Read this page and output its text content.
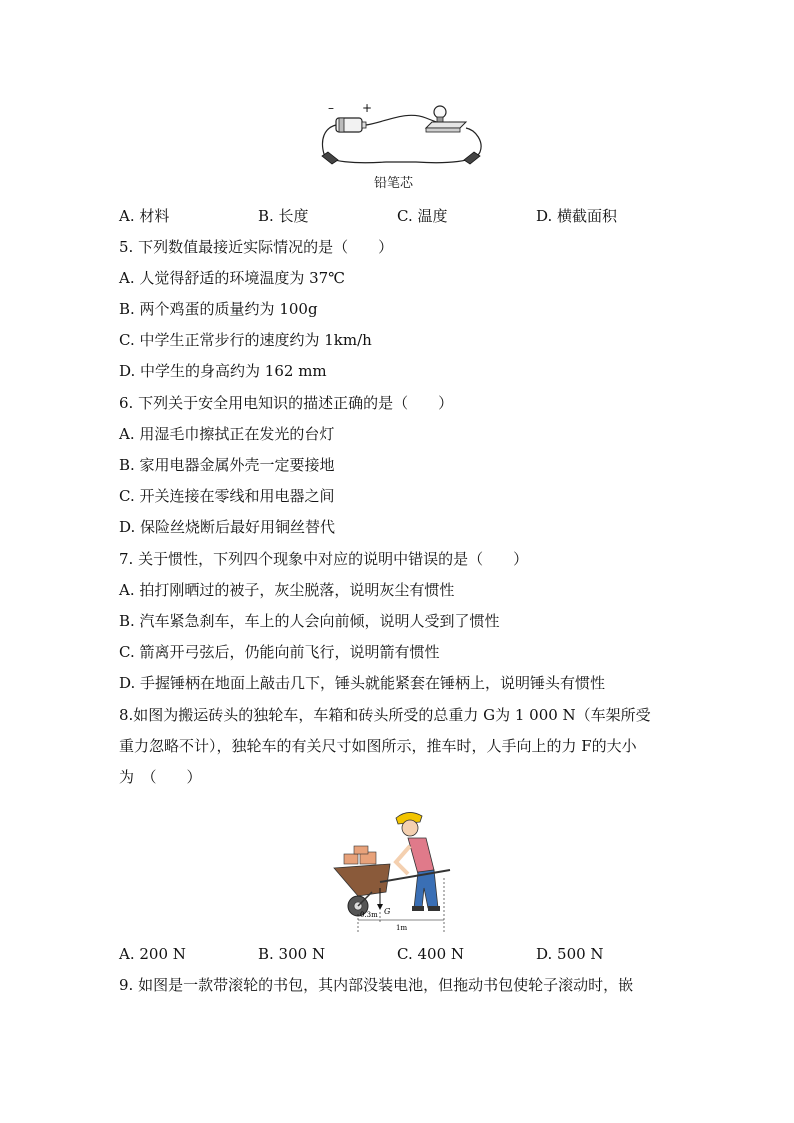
– +
铅笔芯
A. 材料	B. 长度	C. 温度	D. 横截面积
5. 下列数值最接近实际情况的是（　　）
A. 人觉得舒适的环境温度为 37℃
B. 两个鸡蛋的质量约为 100g
C. 中学生正常步行的速度约为 1km/h
D. 中学生的身高约为 162 mm
6. 下列关于安全用电知识的描述正确的是（　　）
A. 用湿毛巾擦拭正在发光的台灯
B. 家用电器金属外壳一定要接地
C. 开关连接在零线和用电器之间
D. 保险丝烧断后最好用铜丝替代
7. 关于惯性，下列四个现象中对应的说明中错误的是（　　）
A. 拍打刚晒过的被子，灰尘脱落，说明灰尘有惯性
B. 汽车紧急刹车，车上的人会向前倾，说明人受到了惯性
C. 箭离开弓弦后，仍能向前飞行，说明箭有惯性
D. 手握锤柄在地面上敲击几下，锤头就能紧套在锤柄上，说明锤头有惯性
8.如图为搬运砖头的独轮车，车箱和砖头所受的总重力 G为 1 000 N（车架所受
重力忽略不计），独轮车的有关尺寸如图所示，推车时，人手向上的力 F的大小
为　（　　）
G
0.3m
1m
A. 200 N	B. 300 N	C. 400 N	D. 500 N
9. 如图是一款带滚轮的书包，其内部没装电池，但拖动书包使轮子滚动时，嵌
